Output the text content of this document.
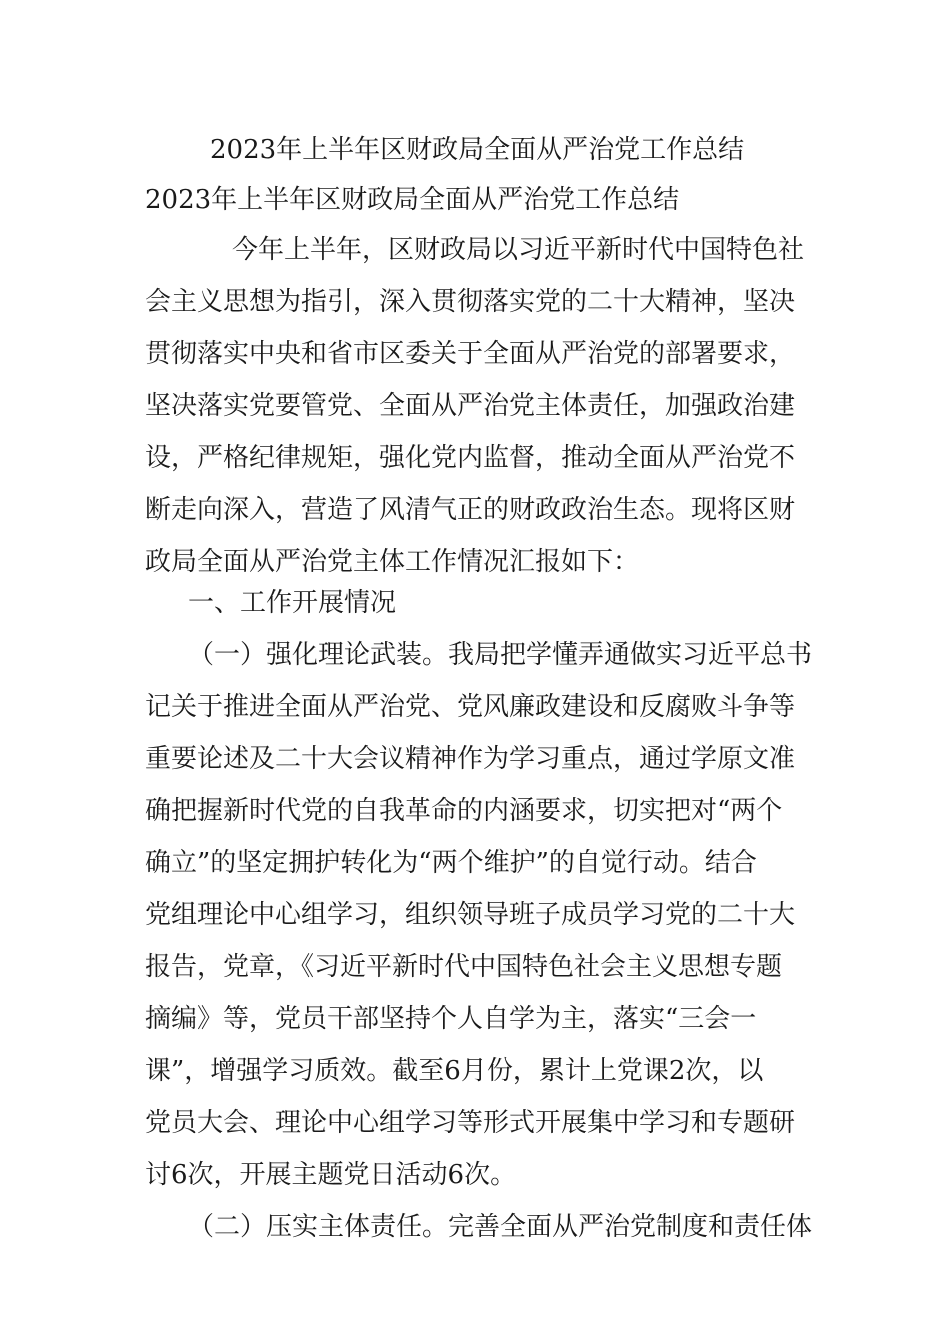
2023年上半年区财政局全面从严治党工作总结
2023年上半年区财政局全面从严治党工作总结
今年上半年，区财政局以习近平新时代中国特色社
会主义思想为指引，深入贯彻落实党的二十大精神，坚决
贯彻落实中央和省市区委关于全面从严治党的部署要求，
坚决落实党要管党、全面从严治党主体责任，加强政治建
设，严格纪律规矩，强化党内监督，推动全面从严治党不
断走向深入，营造了风清气正的财政政治生态。现将区财
政局全面从严治党主体工作情况汇报如下：
一、工作开展情况
（一）强化理论武装。我局把学懂弄通做实习近平总书
记关于推进全面从严治党、党风廉政建设和反腐败斗争等
重要论述及二十大会议精神作为学习重点，通过学原文准
确把握新时代党的自我革命的内涵要求，切实把对“两个
确立”的坚定拥护转化为“两个维护”的自觉行动。结合
党组理论中心组学习，组织领导班子成员学习党的二十大
报告，党章，《习近平新时代中国特色社会主义思想专题
摘编》等，党员干部坚持个人自学为主，落实“三会一
课”，增强学习质效。截至6月份，累计上党课2次，以
党员大会、理论中心组学习等形式开展集中学习和专题研
讨6次，开展主题党日活动6次。
（二）压实主体责任。完善全面从严治党制度和责任体
